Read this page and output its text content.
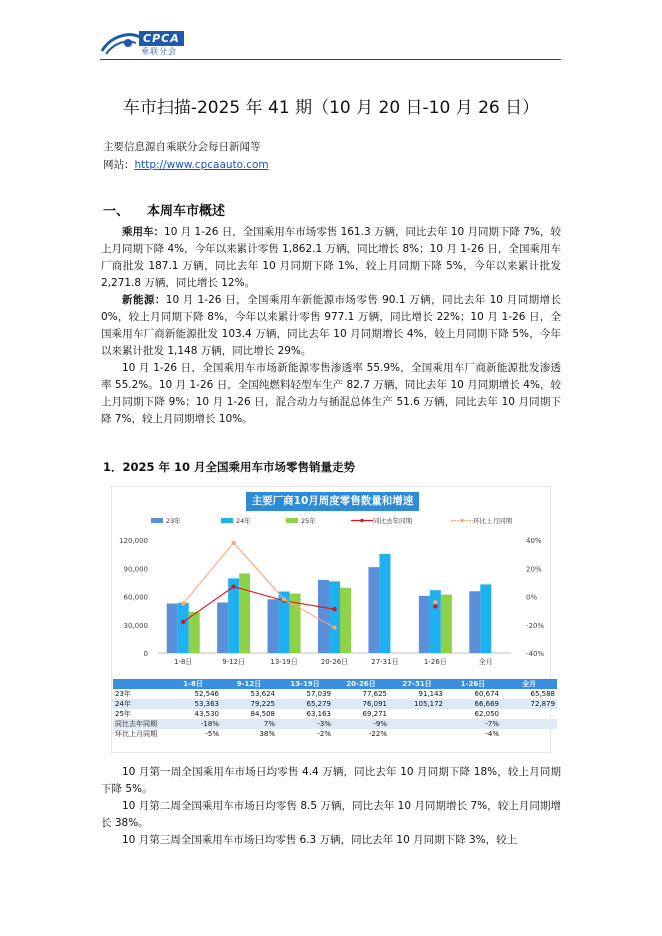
CPCA
乘联分会
车市扫描-2025 年 41 期（10 月 20 日-10 月 26 日）
主要信息源自乘联分会每日新闻等
网站：http://www.cpcaauto.com
一、 本周车市概述
乘用车：10 月 1-26 日，全国乘用车市场零售 161.3 万辆，同比去年 10 月同期下降 7%，较上月同期下降 4%，今年以来累计零售 1,862.1 万辆，同比增长 8%；10 月 1-26 日，全国乘用车厂商批发 187.1 万辆，同比去年 10 月同期下降 1%，较上月同期下降 5%，今年以来累计批发 2,271.8 万辆，同比增长 12%。
新能源：10 月 1-26 日，全国乘用车新能源市场零售 90.1 万辆，同比去年 10 月同期增长 0%，较上月同期下降 8%，今年以来累计零售 977.1 万辆，同比增长 22%；10 月 1-26 日，全国乘用车厂商新能源批发 103.4 万辆，同比去年 10 月同期增长 4%，较上月同期下降 5%，今年以来累计批发 1,148 万辆，同比增长 29%。
10 月 1-26 日，全国乘用车市场新能源零售渗透率 55.9%，全国乘用车厂商新能源批发渗透率 55.2%。10 月 1-26 日，全国纯燃料轻型车生产 82.7 万辆，同比去年 10 月同期增长 4%，较上月同期下降 9%；10 月 1-26 日，混合动力与插混总体生产 51.6 万辆，同比去年 10 月同期下降 7%，较上月同期增长 10%。
1．2025 年 10 月全国乘用车市场零售销量走势
0
30,000
60,000
90,000
120,000
-40%
-20%
0%
20%
40%
23年	24年	25年	同比去年同期	环比上月同期
1-8日	9-12日	13-19日	20-26日	27-31日	1-26日	全月
主要厂商10月周度零售数量和增速
	1-8日	9-12日	13-19日	20-26日	27-31日	1-26日	全月
23年	52,546	53,624	57,039	77,625	91,143	60,674	65,588
24年	53,363	79,225	65,279	76,091	105,172	66,669	72,879
25年	43,530	84,508	63,163	69,271		62,050	
同比去年同期	-18%	7%	-3%	-9%		-7%	
环比上月同期	-5%	38%	-2%	-22%		-4%	
10 月第一周全国乘用车市场日均零售 4.4 万辆，同比去年 10 月同期下降 18%，较上月同期下降 5%。
10 月第二周全国乘用车市场日均零售 8.5 万辆，同比去年 10 月同期增长 7%，较上月同期增长 38%。
10 月第三周全国乘用车市场日均零售 6.3 万辆，同比去年 10 月同期下降 3%，较上
